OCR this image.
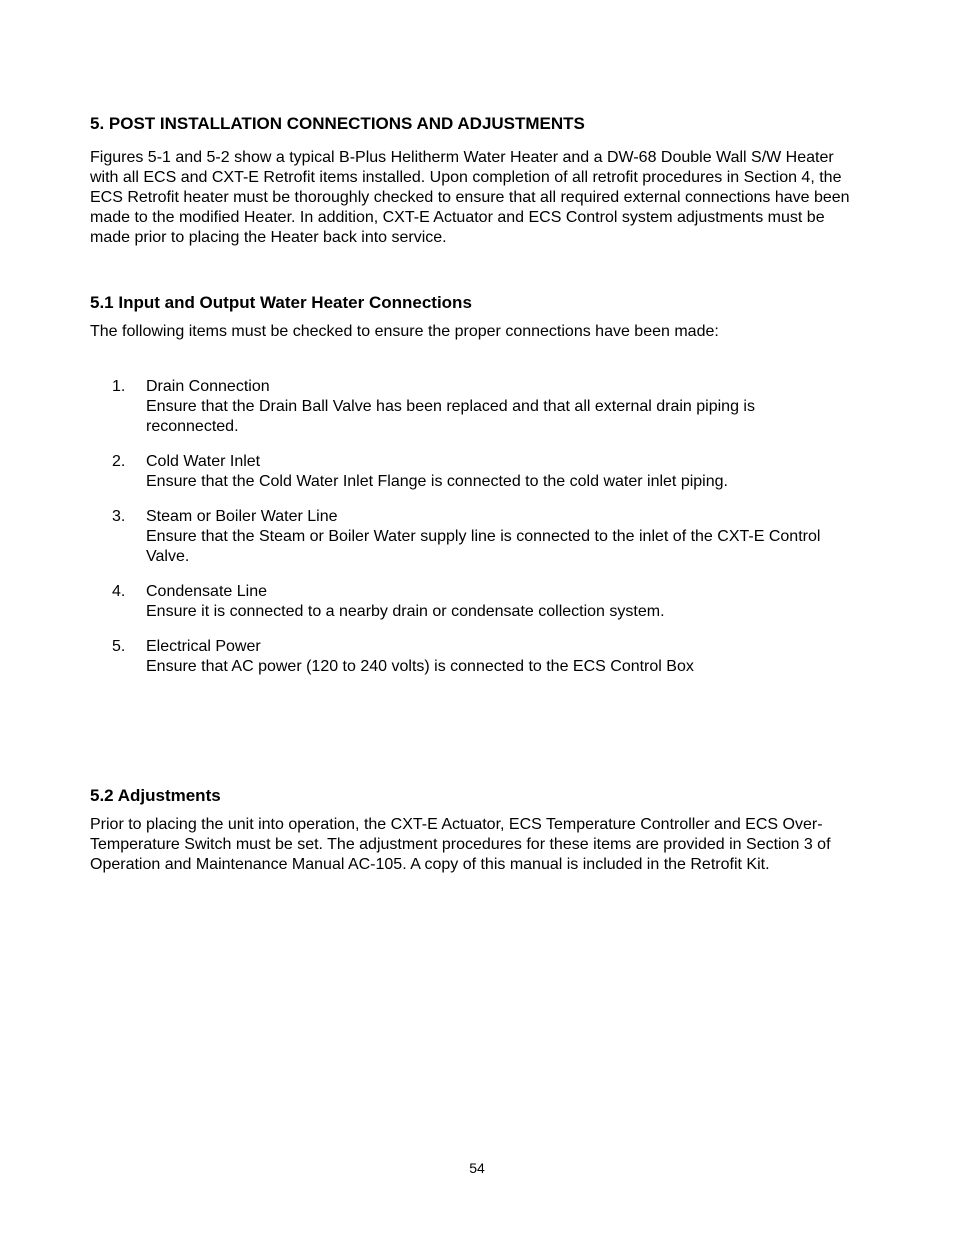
5. POST INSTALLATION CONNECTIONS AND ADJUSTMENTS

Figures 5-1 and 5-2 show a typical B-Plus Helitherm Water Heater and a DW-68 Double Wall S/W Heater with all ECS and CXT-E Retrofit items installed. Upon completion of all retrofit procedures in Section 4, the ECS Retrofit heater must be thoroughly checked to ensure that all required external connections have been made to the modified Heater. In addition, CXT-E Actuator and ECS Control system adjustments must be made prior to placing the Heater back into service.

5.1 Input and Output Water Heater Connections

The following items must be checked to ensure the proper connections have been made:

1. Drain Connection
Ensure that the Drain Ball Valve has been replaced and that all external drain piping is reconnected.
2. Cold Water Inlet
Ensure that the Cold Water Inlet Flange is connected to the cold water inlet piping.
3. Steam or Boiler Water Line
Ensure that the Steam or Boiler Water supply line is connected to the inlet of the CXT-E Control Valve.
4. Condensate Line
Ensure it is connected to a nearby drain or condensate collection system.
5. Electrical Power
Ensure that AC power (120 to 240 volts) is connected to the ECS Control Box
5.2 Adjustments

Prior to placing the unit into operation, the CXT-E Actuator, ECS Temperature Controller and ECS Over-Temperature Switch must be set. The adjustment procedures for these items are provided in Section 3 of Operation and Maintenance Manual AC-105. A copy of this manual is included in the Retrofit Kit.

54
